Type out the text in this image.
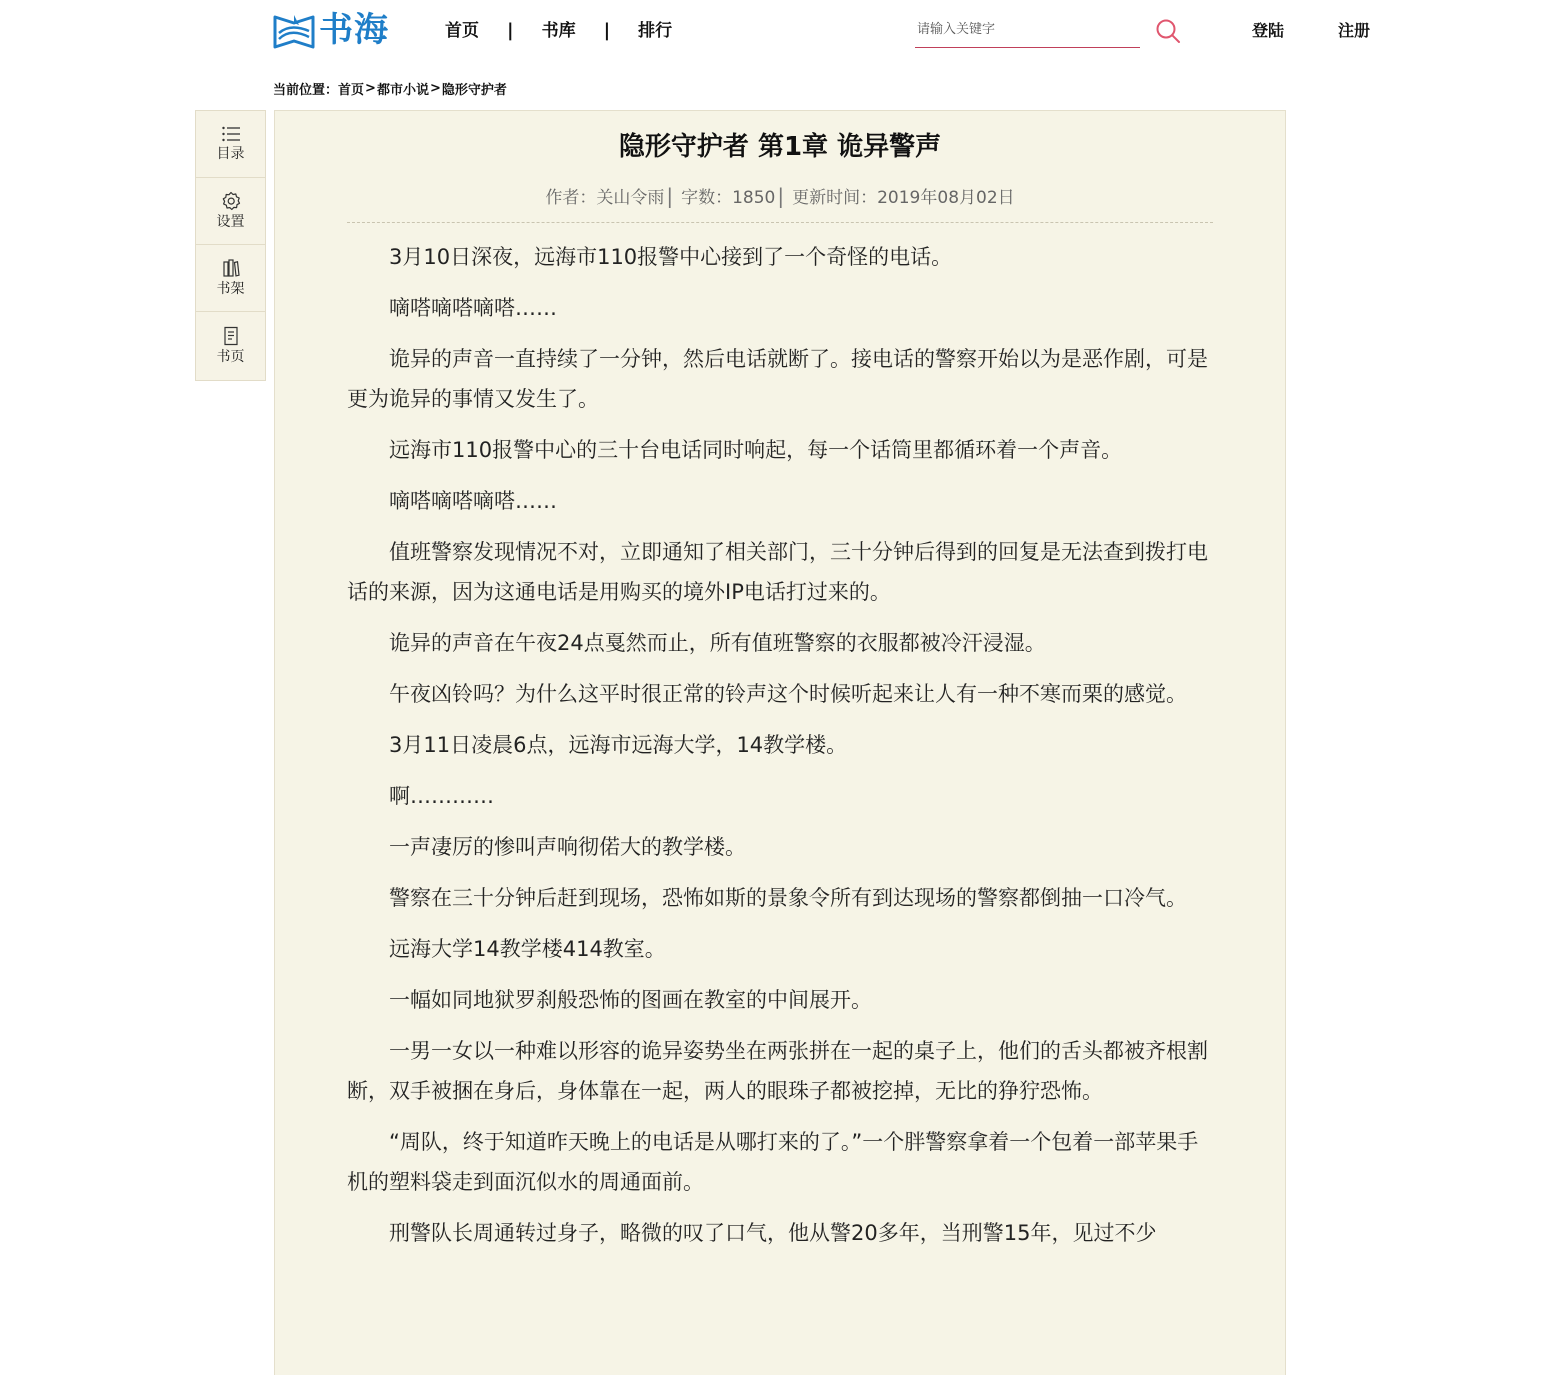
书海	首页 | 书库 | 排行
请输入关键字	登陆	注册
当前位置： 首页 > 都市小说 > 隐形守护者
目录
设置
书架
书页
隐形守护者 第1章 诡异警声
作者：关山令雨 | 字数：1850 | 更新时间：2019年08月02日

3月10日深夜，远海市110报警中心接到了一个奇怪的电话。

嘀嗒嘀嗒嘀嗒……

诡异的声音一直持续了一分钟，然后电话就断了。接电话的警察开始以为是恶作剧，可是更为诡异的事情又发生了。

远海市110报警中心的三十台电话同时响起，每一个话筒里都循环着一个声音。

嘀嗒嘀嗒嘀嗒……

值班警察发现情况不对，立即通知了相关部门，三十分钟后得到的回复是无法查到拨打电话的来源，因为这通电话是用购买的境外IP电话打过来的。

诡异的声音在午夜24点戛然而止，所有值班警察的衣服都被冷汗浸湿。

午夜凶铃吗？为什么这平时很正常的铃声这个时候听起来让人有一种不寒而栗的感觉。

3月11日凌晨6点，远海市远海大学，14教学楼。

啊…………

一声凄厉的惨叫声响彻偌大的教学楼。

警察在三十分钟后赶到现场，恐怖如斯的景象令所有到达现场的警察都倒抽一口冷气。

远海大学14教学楼414教室。

一幅如同地狱罗刹般恐怖的图画在教室的中间展开。

一男一女以一种难以形容的诡异姿势坐在两张拼在一起的桌子上，他们的舌头都被齐根割断，双手被捆在身后，身体靠在一起，两人的眼珠子都被挖掉，无比的狰狞恐怖。

“周队，终于知道昨天晚上的电话是从哪打来的了。”一个胖警察拿着一个包着一部苹果手机的塑料袋走到面沉似水的周通面前。

刑警队长周通转过身子，略微的叹了口气，他从警20多年，当刑警15年，见过不少
